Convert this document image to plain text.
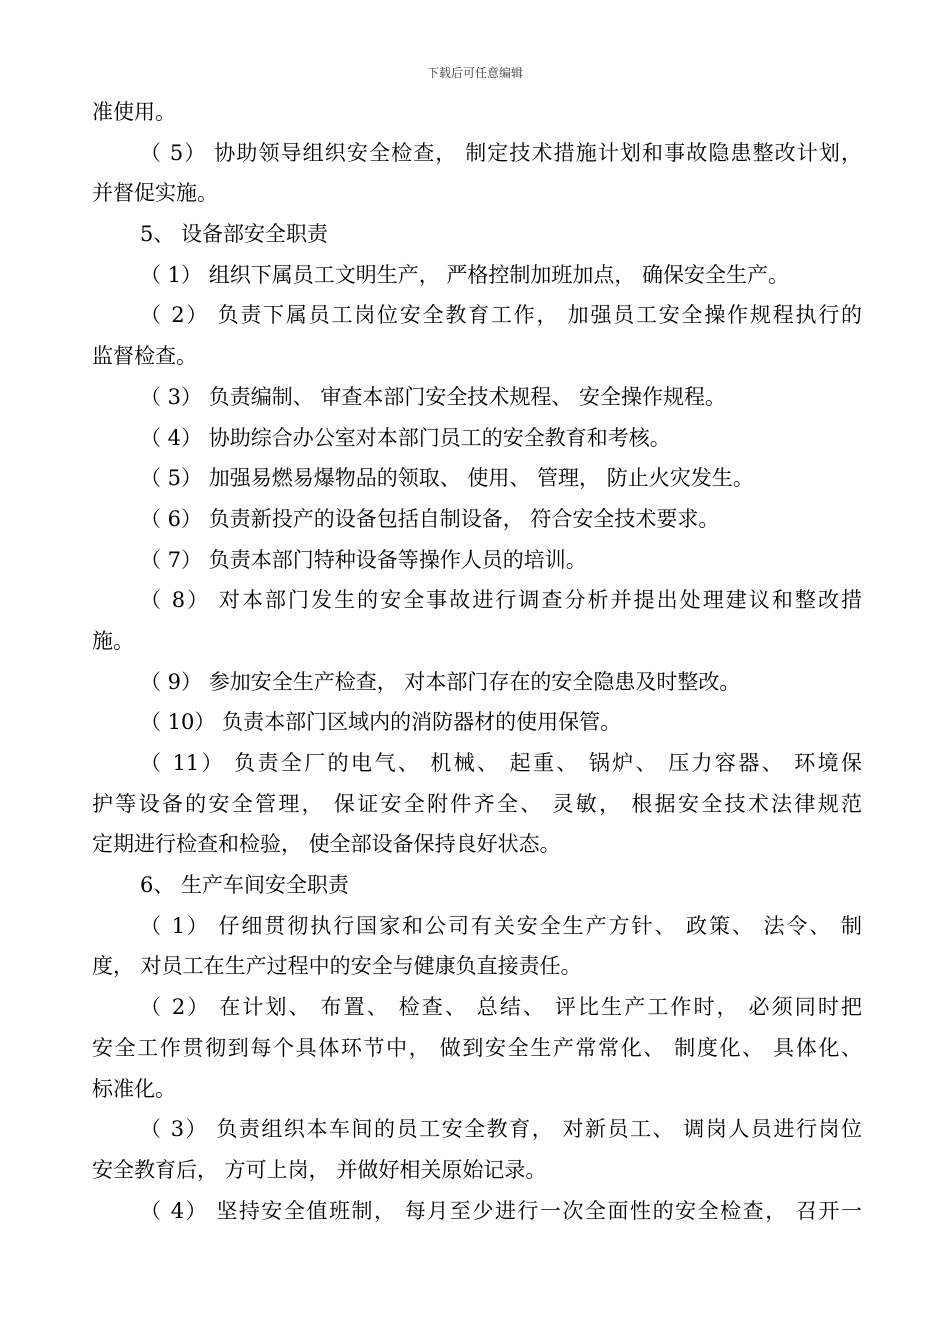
下载后可任意编辑
准使用。
（ 5） 协助领导组织安全检查， 制定技术措施计划和事故隐患整改计划，
并督促实施。
5、 设备部安全职责
（ 1） 组织下属员工文明生产， 严格控制加班加点， 确保安全生产。
（ 2） 负责下属员工岗位安全教育工作， 加强员工安全操作规程执行的
监督检查。
（ 3） 负责编制、 审查本部门安全技术规程、 安全操作规程。
（ 4） 协助综合办公室对本部门员工的安全教育和考核。
（ 5） 加强易燃易爆物品的领取、 使用、 管理， 防止火灾发生。
（ 6） 负责新投产的设备包括自制设备， 符合安全技术要求。
（ 7） 负责本部门特种设备等操作人员的培训。
（ 8） 对本部门发生的安全事故进行调查分析并提出处理建议和整改措
施。
（ 9） 参加安全生产检查， 对本部门存在的安全隐患及时整改。
（ 10） 负责本部门区域内的消防器材的使用保管。
（ 11） 负责全厂的电气、 机械、 起重、 锅炉、 压力容器、 环境保
护等设备的安全管理， 保证安全附件齐全、 灵敏， 根据安全技术法律规范
定期进行检查和检验， 使全部设备保持良好状态。
6、 生产车间安全职责
（ 1） 仔细贯彻执行国家和公司有关安全生产方针、 政策、 法令、 制
度， 对员工在生产过程中的安全与健康负直接责任。
（ 2） 在计划、 布置、 检查、 总结、 评比生产工作时， 必须同时把
安全工作贯彻到每个具体环节中， 做到安全生产常常化、 制度化、 具体化、
标准化。
（ 3） 负责组织本车间的员工安全教育， 对新员工、 调岗人员进行岗位
安全教育后， 方可上岗， 并做好相关原始记录。
（ 4） 坚持安全值班制， 每月至少进行一次全面性的安全检查， 召开一
